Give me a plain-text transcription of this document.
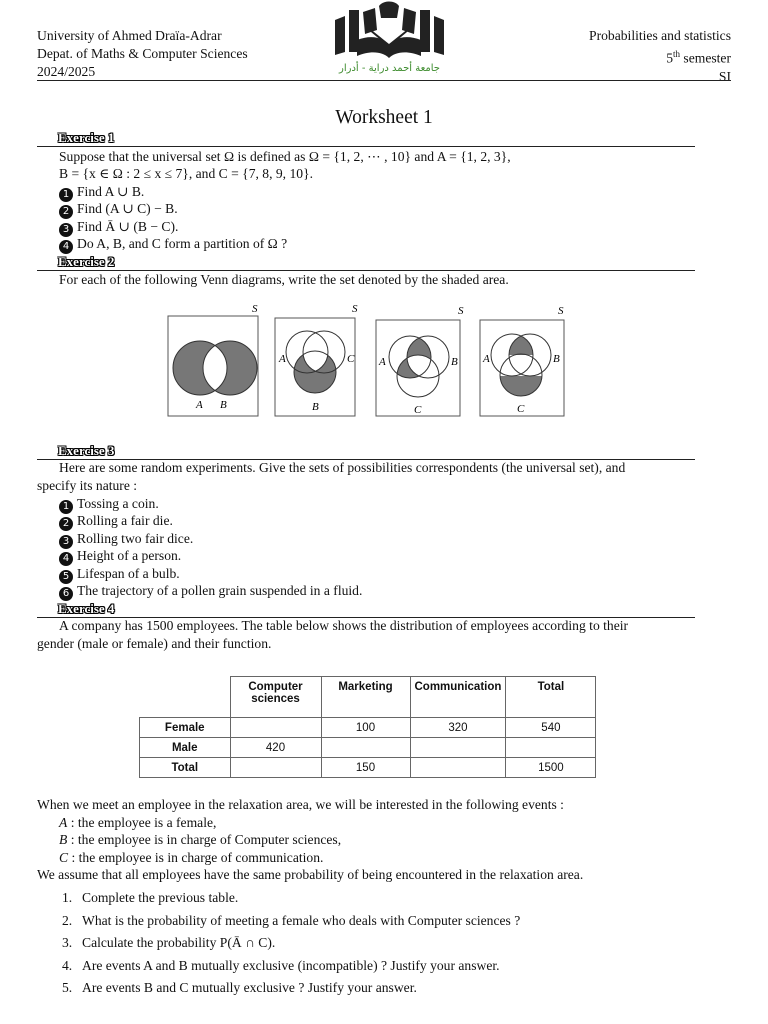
University of Ahmed Draïa-Adrar
Depat. of Maths & Computer Sciences
2024/2025	جامعة أحمد دراية - أدرار
Probabilities and statistics
5th semester
SI
Worksheet 1
Exercise 1
Suppose that the universal set Ω is defined as Ω = {1, 2, ⋯ , 10} and A = {1, 2, 3},
B = {x ∈ Ω : 2 ≤ x ≤ 7}, and C = {7, 8, 9, 10}.
1 Find A ∪ B.
2 Find (A ∪ C) − B.
3 Find Ā ∪ (B − C).
4 Do A, B, and C form a partition of Ω ?
Exercise 2
For each of the following Venn diagrams, write the set denoted by the shaded area.
S
A B
S
A	C
B
S
A	B
C
S
A	B
C
Exercise 3
Here are some random experiments. Give the sets of possibilities correspondents (the universal set), and
specify its nature :
1 Tossing a coin.
2 Rolling a fair die.
3 Rolling two fair dice.
4 Height of a person.
5 Lifespan of a bulb.
6 The trajectory of a pollen grain suspended in a fluid.
Exercise 4
A company has 1500 employees. The table below shows the distribution of employees according to their
gender (male or female) and their function.
	Computer sciences	Marketing	Communication	Total
Female		100	320	540
Male	420			
Total		150		1500
When we meet an employee in the relaxation area, we will be interested in the following events :
A : the employee is a female,
B : the employee is in charge of Computer sciences,
C : the employee is in charge of communication.
We assume that all employees have the same probability of being encountered in the relaxation area.
1. Complete the previous table.
2. What is the probability of meeting a female who deals with Computer sciences ?
3. Calculate the probability P(Ā ∩ C).
4. Are events A and B mutually exclusive (incompatible) ? Justify your answer.
5. Are events B and C mutually exclusive ? Justify your answer.
